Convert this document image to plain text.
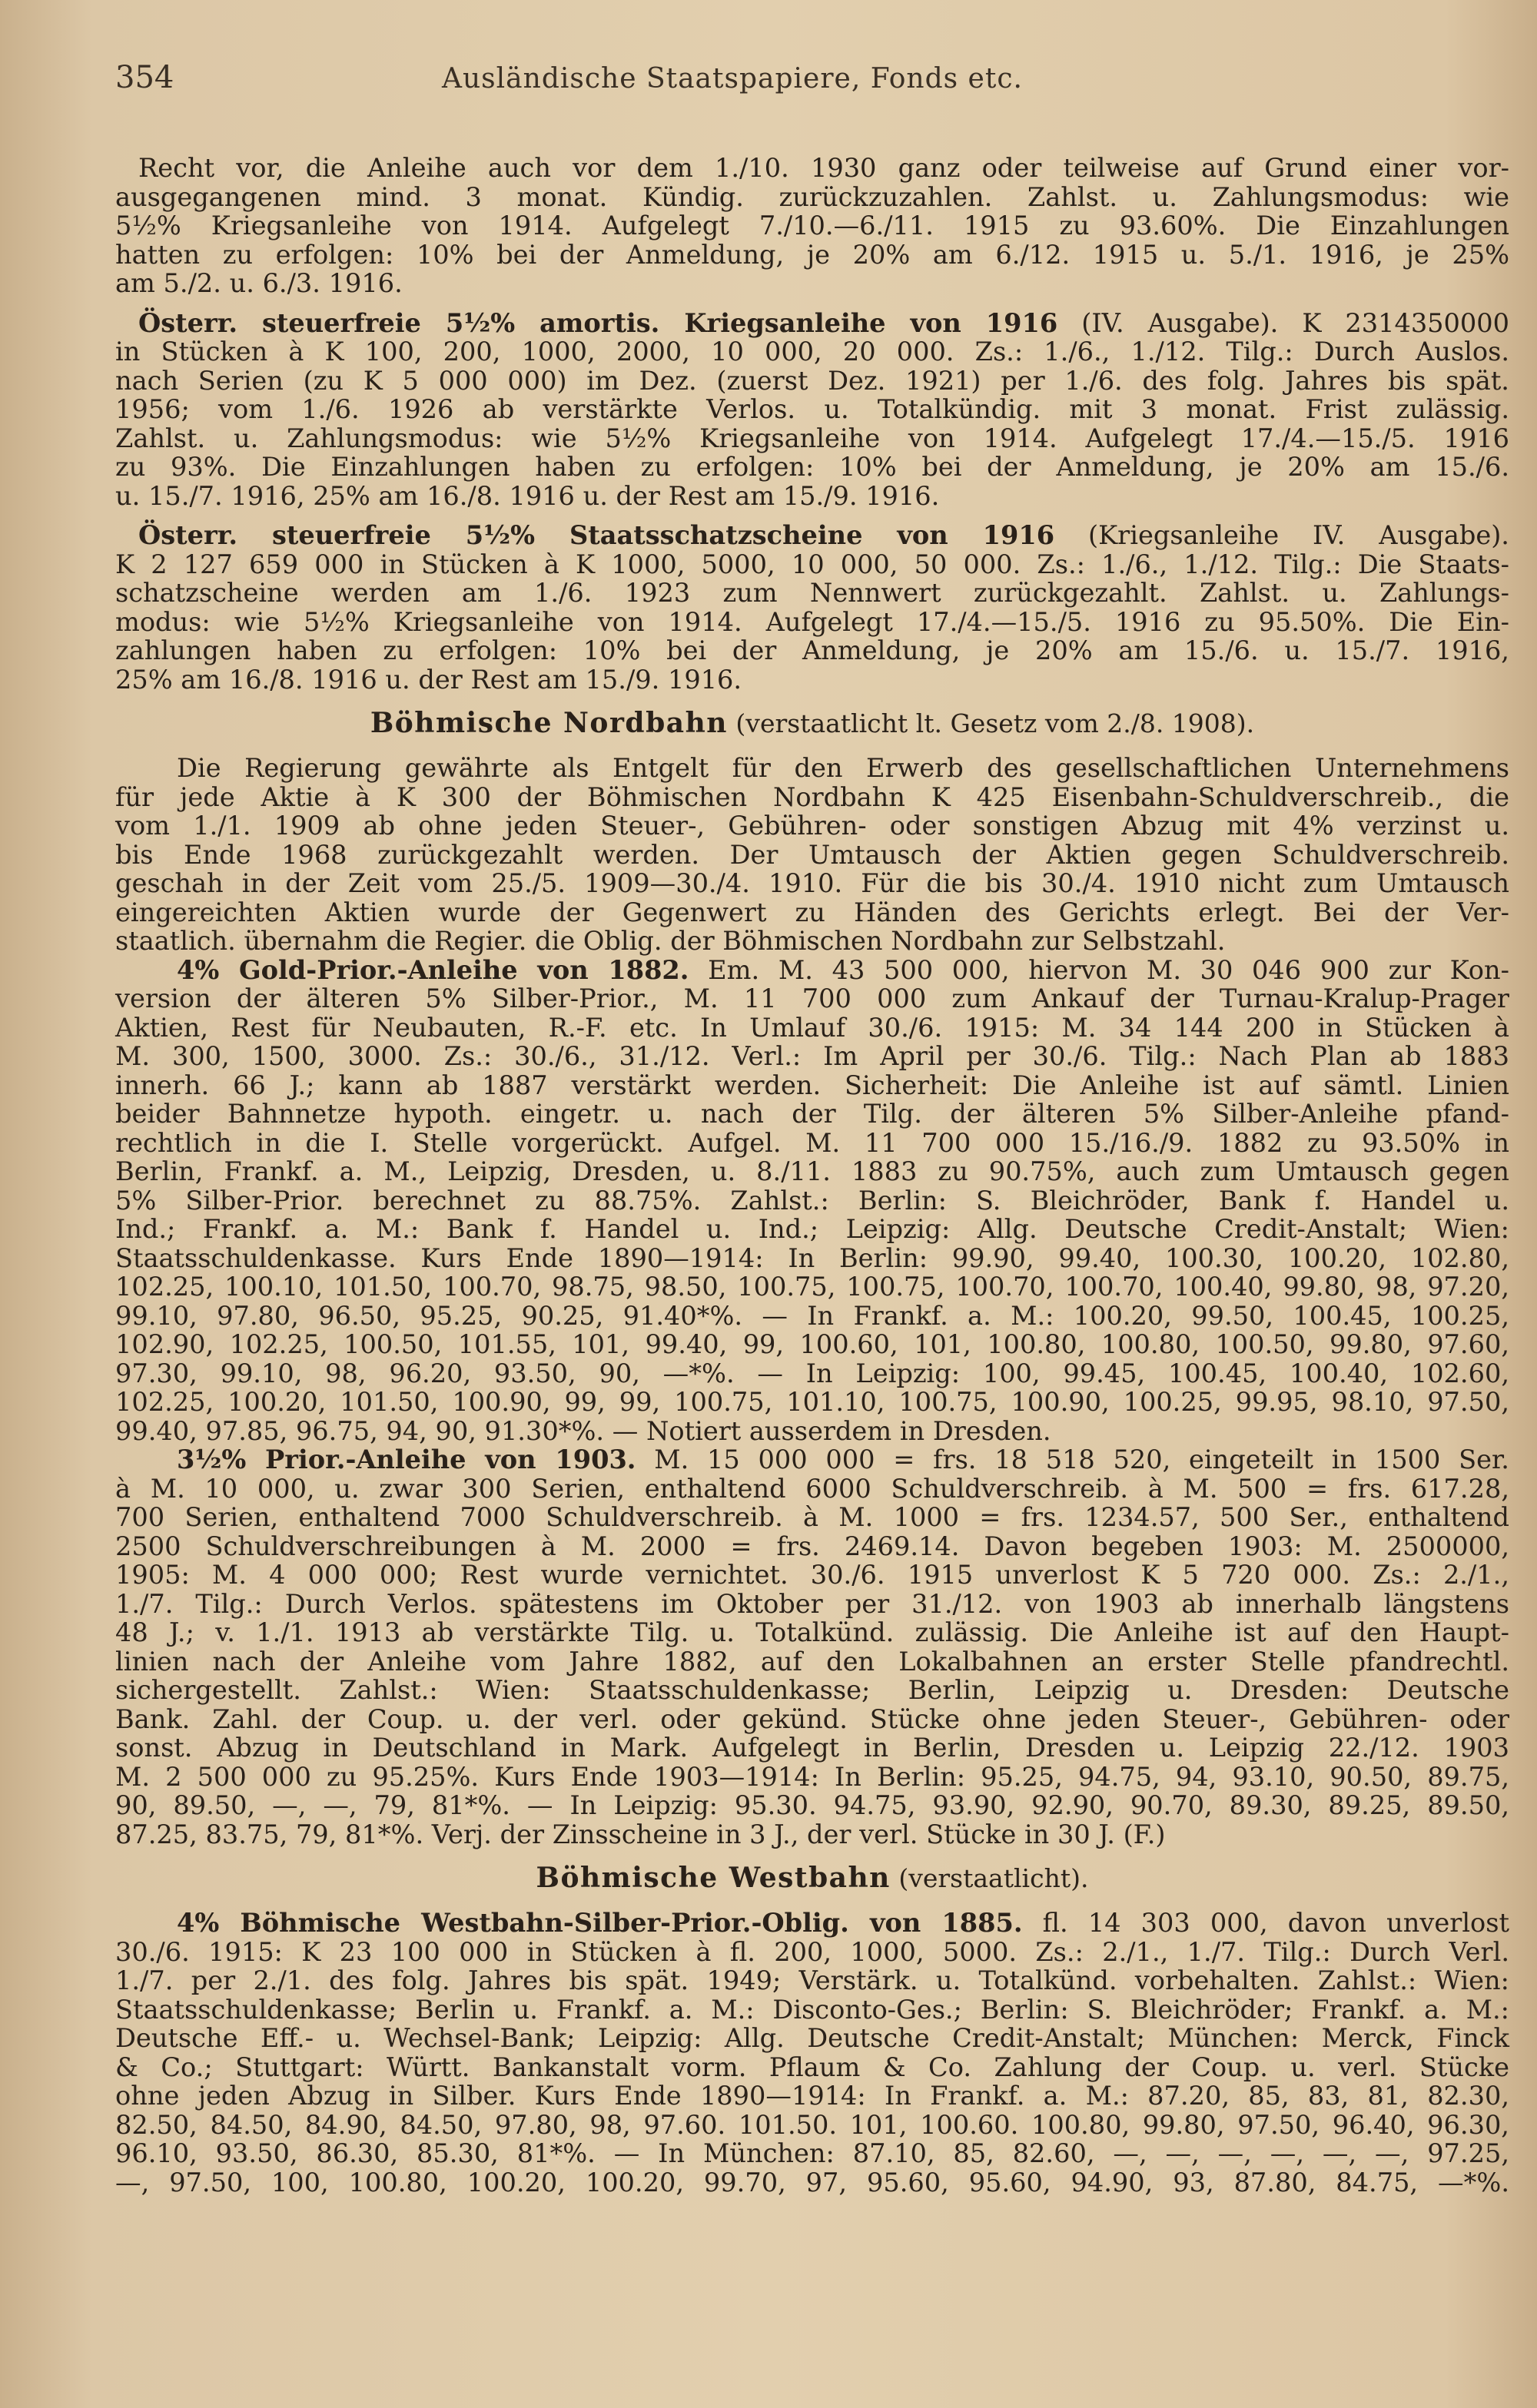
354	Ausländische Staatspapiere, Fonds etc.
Recht vor, die Anleihe auch vor dem 1./10. 1930 ganz oder teilweise auf Grund einer vor-
ausgegangenen mind. 3 monat. Kündig. zurückzuzahlen. Zahlst. u. Zahlungsmodus: wie
5½% Kriegsanleihe von 1914. Aufgelegt 7./10.—6./11. 1915 zu 93.60%. Die Einzahlungen
hatten zu erfolgen: 10% bei der Anmeldung, je 20% am 6./12. 1915 u. 5./1. 1916, je 25%
am 5./2. u. 6./3. 1916.
Österr. steuerfreie 5½% amortis. Kriegsanleihe von 1916 (IV. Ausgabe). K 2314350000
in Stücken à K 100, 200, 1000, 2000, 10 000, 20 000. Zs.: 1./6., 1./12. Tilg.: Durch Auslos.
nach Serien (zu K 5 000 000) im Dez. (zuerst Dez. 1921) per 1./6. des folg. Jahres bis spät.
1956; vom 1./6. 1926 ab verstärkte Verlos. u. Totalkündig. mit 3 monat. Frist zulässig.
Zahlst. u. Zahlungsmodus: wie 5½% Kriegsanleihe von 1914. Aufgelegt 17./4.—15./5. 1916
zu 93%. Die Einzahlungen haben zu erfolgen: 10% bei der Anmeldung, je 20% am 15./6.
u. 15./7. 1916, 25% am 16./8. 1916 u. der Rest am 15./9. 1916.
Österr. steuerfreie 5½% Staatsschatzscheine von 1916 (Kriegsanleihe IV. Ausgabe).
K 2 127 659 000 in Stücken à K 1000, 5000, 10 000, 50 000. Zs.: 1./6., 1./12. Tilg.: Die Staats-
schatzscheine werden am 1./6. 1923 zum Nennwert zurückgezahlt. Zahlst. u. Zahlungs-
modus: wie 5½% Kriegsanleihe von 1914. Aufgelegt 17./4.—15./5. 1916 zu 95.50%. Die Ein-
zahlungen haben zu erfolgen: 10% bei der Anmeldung, je 20% am 15./6. u. 15./7. 1916,
25% am 16./8. 1916 u. der Rest am 15./9. 1916.
Böhmische Nordbahn (verstaatlicht lt. Gesetz vom 2./8. 1908).
Die Regierung gewährte als Entgelt für den Erwerb des gesellschaftlichen Unternehmens
für jede Aktie à K 300 der Böhmischen Nordbahn K 425 Eisenbahn-Schuldverschreib., die
vom 1./1. 1909 ab ohne jeden Steuer-, Gebühren- oder sonstigen Abzug mit 4% verzinst u.
bis Ende 1968 zurückgezahlt werden. Der Umtausch der Aktien gegen Schuldverschreib.
geschah in der Zeit vom 25./5. 1909—30./4. 1910. Für die bis 30./4. 1910 nicht zum Umtausch
eingereichten Aktien wurde der Gegenwert zu Händen des Gerichts erlegt. Bei der Ver-
staatlich. übernahm die Regier. die Oblig. der Böhmischen Nordbahn zur Selbstzahl.
4% Gold-Prior.-Anleihe von 1882. Em. M. 43 500 000, hiervon M. 30 046 900 zur Kon-
version der älteren 5% Silber-Prior., M. 11 700 000 zum Ankauf der Turnau-Kralup-Prager
Aktien, Rest für Neubauten, R.-F. etc. In Umlauf 30./6. 1915: M. 34 144 200 in Stücken à
M. 300, 1500, 3000. Zs.: 30./6., 31./12. Verl.: Im April per 30./6. Tilg.: Nach Plan ab 1883
innerh. 66 J.; kann ab 1887 verstärkt werden. Sicherheit: Die Anleihe ist auf sämtl. Linien
beider Bahnnetze hypoth. eingetr. u. nach der Tilg. der älteren 5% Silber-Anleihe pfand-
rechtlich in die I. Stelle vorgerückt. Aufgel. M. 11 700 000 15./16./9. 1882 zu 93.50% in
Berlin, Frankf. a. M., Leipzig, Dresden, u. 8./11. 1883 zu 90.75%, auch zum Umtausch gegen
5% Silber-Prior. berechnet zu 88.75%. Zahlst.: Berlin: S. Bleichröder, Bank f. Handel u.
Ind.; Frankf. a. M.: Bank f. Handel u. Ind.; Leipzig: Allg. Deutsche Credit-Anstalt; Wien:
Staatsschuldenkasse. Kurs Ende 1890—1914: In Berlin: 99.90, 99.40, 100.30, 100.20, 102.80,
102.25, 100.10, 101.50, 100.70, 98.75, 98.50, 100.75, 100.75, 100.70, 100.70, 100.40, 99.80, 98, 97.20,
99.10, 97.80, 96.50, 95.25, 90.25, 91.40*%. — In Frankf. a. M.: 100.20, 99.50, 100.45, 100.25,
102.90, 102.25, 100.50, 101.55, 101, 99.40, 99, 100.60, 101, 100.80, 100.80, 100.50, 99.80, 97.60,
97.30, 99.10, 98, 96.20, 93.50, 90, —*%. — In Leipzig: 100, 99.45, 100.45, 100.40, 102.60,
102.25, 100.20, 101.50, 100.90, 99, 99, 100.75, 101.10, 100.75, 100.90, 100.25, 99.95, 98.10, 97.50,
99.40, 97.85, 96.75, 94, 90, 91.30*%. — Notiert ausserdem in Dresden.
3½% Prior.-Anleihe von 1903. M. 15 000 000 = frs. 18 518 520, eingeteilt in 1500 Ser.
à M. 10 000, u. zwar 300 Serien, enthaltend 6000 Schuldverschreib. à M. 500 = frs. 617.28,
700 Serien, enthaltend 7000 Schuldverschreib. à M. 1000 = frs. 1234.57, 500 Ser., enthaltend
2500 Schuldverschreibungen à M. 2000 = frs. 2469.14. Davon begeben 1903: M. 2500000,
1905: M. 4 000 000; Rest wurde vernichtet. 30./6. 1915 unverlost K 5 720 000. Zs.: 2./1.,
1./7. Tilg.: Durch Verlos. spätestens im Oktober per 31./12. von 1903 ab innerhalb längstens
48 J.; v. 1./1. 1913 ab verstärkte Tilg. u. Totalkünd. zulässig. Die Anleihe ist auf den Haupt-
linien nach der Anleihe vom Jahre 1882, auf den Lokalbahnen an erster Stelle pfandrechtl.
sichergestellt. Zahlst.: Wien: Staatsschuldenkasse; Berlin, Leipzig u. Dresden: Deutsche
Bank. Zahl. der Coup. u. der verl. oder gekünd. Stücke ohne jeden Steuer-, Gebühren- oder
sonst. Abzug in Deutschland in Mark. Aufgelegt in Berlin, Dresden u. Leipzig 22./12. 1903
M. 2 500 000 zu 95.25%. Kurs Ende 1903—1914: In Berlin: 95.25, 94.75, 94, 93.10, 90.50, 89.75,
90, 89.50, —, —, 79, 81*%. — In Leipzig: 95.30. 94.75, 93.90, 92.90, 90.70, 89.30, 89.25, 89.50,
87.25, 83.75, 79, 81*%. Verj. der Zinsscheine in 3 J., der verl. Stücke in 30 J. (F.)
Böhmische Westbahn (verstaatlicht).
4% Böhmische Westbahn-Silber-Prior.-Oblig. von 1885. fl. 14 303 000, davon unverlost
30./6. 1915: K 23 100 000 in Stücken à fl. 200, 1000, 5000. Zs.: 2./1., 1./7. Tilg.: Durch Verl.
1./7. per 2./1. des folg. Jahres bis spät. 1949; Verstärk. u. Totalkünd. vorbehalten. Zahlst.: Wien:
Staatsschuldenkasse; Berlin u. Frankf. a. M.: Disconto-Ges.; Berlin: S. Bleichröder; Frankf. a. M.:
Deutsche Eff.- u. Wechsel-Bank; Leipzig: Allg. Deutsche Credit-Anstalt; München: Merck, Finck
& Co.; Stuttgart: Württ. Bankanstalt vorm. Pflaum & Co. Zahlung der Coup. u. verl. Stücke
ohne jeden Abzug in Silber. Kurs Ende 1890—1914: In Frankf. a. M.: 87.20, 85, 83, 81, 82.30,
82.50, 84.50, 84.90, 84.50, 97.80, 98, 97.60. 101.50. 101, 100.60. 100.80, 99.80, 97.50, 96.40, 96.30,
96.10, 93.50, 86.30, 85.30, 81*%. — In München: 87.10, 85, 82.60, —, —, —, —, —, —, 97.25,
—, 97.50, 100, 100.80, 100.20, 100.20, 99.70, 97, 95.60, 95.60, 94.90, 93, 87.80, 84.75, —*%.
